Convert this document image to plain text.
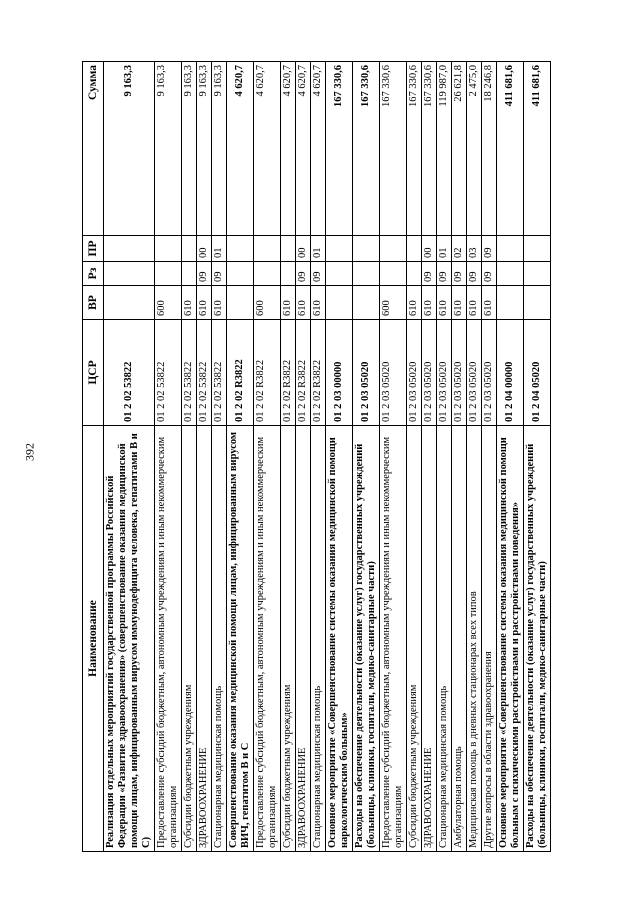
392
Наименование	ЦСР	ВР	Рз	ПР	Сумма
Реализация отдельных мероприятий государственной программы Российской Федерации «Развитие здравоохранения» (совершенствование оказания медицинской помощи лицам, инфицированным вирусом иммунодефицита человека, гепатитами В и С)	01 2 02 53822				9 163,3
Предоставление субсидий бюджетным, автономным учреждениям и иным некоммерческим организациям	01 2 02 53822	600			9 163,3
Субсидии бюджетным учреждениям	01 2 02 53822	610			9 163,3
ЗДРАВООХРАНЕНИЕ	01 2 02 53822	610	09	00	9 163,3
Стационарная медицинская помощь	01 2 02 53822	610	09	01	9 163,3
Совершенствование оказания медицинской помощи лицам, инфицированным вирусом ВИЧ, гепатитом В и С	01 2 02 R3822				4 620,7
Предоставление субсидий бюджетным, автономным учреждениям и иным некоммерческим организациям	01 2 02 R3822	600			4 620,7
Субсидии бюджетным учреждениям	01 2 02 R3822	610			4 620,7
ЗДРАВООХРАНЕНИЕ	01 2 02 R3822	610	09	00	4 620,7
Стационарная медицинская помощь	01 2 02 R3822	610	09	01	4 620,7
Основное мероприятие «Совершенствование системы оказания медицинской помощи наркологическим больным»	01 2 03 00000				167 330,6
Расходы на обеспечение деятельности (оказание услуг) государственных учреждений (больницы, клиники, госпитали, медико-санитарные части)	01 2 03 05020				167 330,6
Предоставление субсидий бюджетным, автономным учреждениям и иным некоммерческим организациям	01 2 03 05020	600			167 330,6
Субсидии бюджетным учреждениям	01 2 03 05020	610			167 330,6
ЗДРАВООХРАНЕНИЕ	01 2 03 05020	610	09	00	167 330,6
Стационарная медицинская помощь	01 2 03 05020	610	09	01	119 987,0
Амбулаторная помощь	01 2 03 05020	610	09	02	26 621,8
Медицинская помощь в дневных стационарах всех типов	01 2 03 05020	610	09	03	2 475,0
Другие вопросы в области здравоохранения	01 2 03 05020	610	09	09	18 246,8
Основное мероприятие «Совершенствование системы оказания медицинской помощи больным с психическими расстройствами и расстройствами поведения»	01 2 04 00000				411 681,6
Расходы на обеспечение деятельности (оказание услуг) государственных учреждений (больницы, клиники, госпитали, медико-санитарные части)	01 2 04 05020				411 681,6
